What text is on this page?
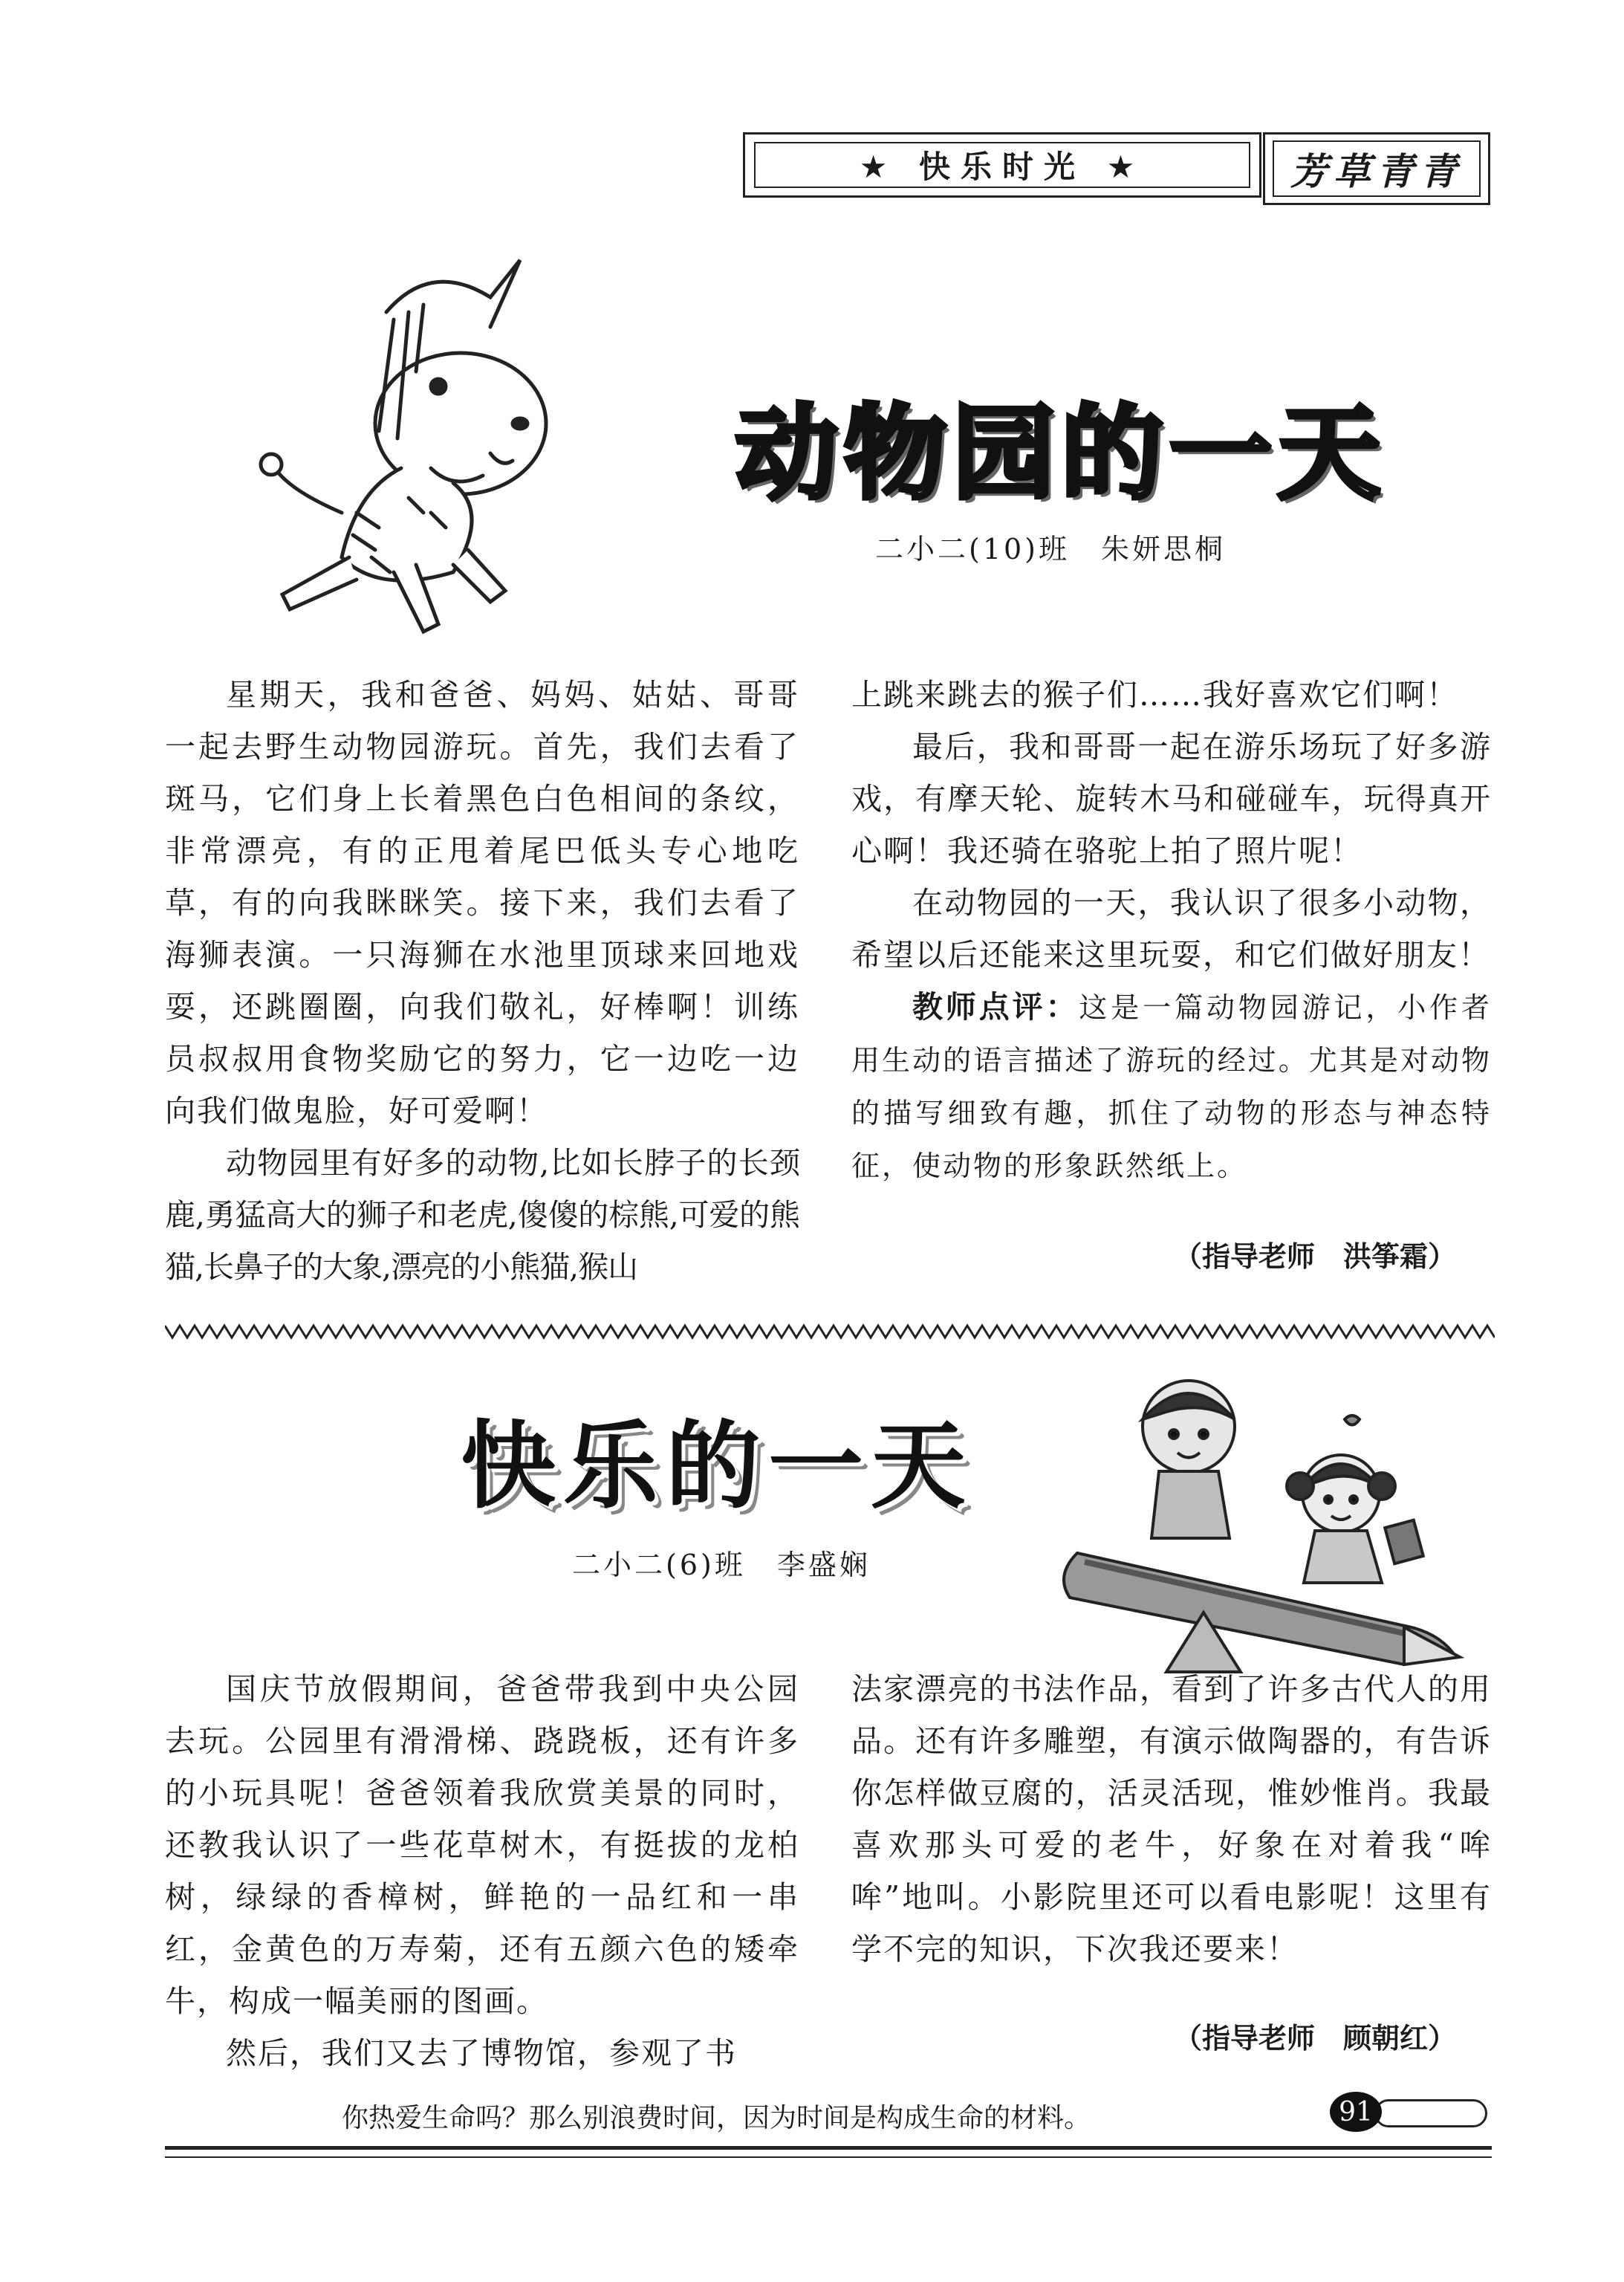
★ 快乐时光 ★	芳草青青
动物园的一天
二小二(10)班　朱妍思桐

星期天，我和爸爸、妈妈、姑姑、哥哥一起去野生动物园游玩。首先，我们去看了斑马，它们身上长着黑色白色相间的条纹，非常漂亮，有的正甩着尾巴低头专心地吃草，有的向我眯眯笑。接下来，我们去看了海狮表演。一只海狮在水池里顶球来回地戏耍，还跳圈圈，向我们敬礼，好棒啊！训练员叔叔用食物奖励它的努力，它一边吃一边向我们做鬼脸，好可爱啊！

动物园里有好多的动物,比如长脖子的长颈鹿,勇猛高大的狮子和老虎,傻傻的棕熊,可爱的熊猫,长鼻子的大象,漂亮的小熊猫,猴山

上跳来跳去的猴子们……我好喜欢它们啊！

最后，我和哥哥一起在游乐场玩了好多游戏，有摩天轮、旋转木马和碰碰车，玩得真开心啊！我还骑在骆驼上拍了照片呢！

在动物园的一天，我认识了很多小动物，希望以后还能来这里玩耍，和它们做好朋友！

教师点评：这是一篇动物园游记，小作者用生动的语言描述了游玩的经过。尤其是对动物的描写细致有趣，抓住了动物的形态与神态特征，使动物的形象跃然纸上。

（指导老师　洪筝霜）
快乐的一天
二小二(6)班　李盛娴

国庆节放假期间，爸爸带我到中央公园去玩。公园里有滑滑梯、跷跷板，还有许多的小玩具呢！爸爸领着我欣赏美景的同时，还教我认识了一些花草树木，有挺拔的龙柏树，绿绿的香樟树，鲜艳的一品红和一串红，金黄色的万寿菊，还有五颜六色的矮牵牛，构成一幅美丽的图画。

然后，我们又去了博物馆，参观了书

法家漂亮的书法作品，看到了许多古代人的用品。还有许多雕塑，有演示做陶器的，有告诉你怎样做豆腐的，活灵活现，惟妙惟肖。我最喜欢那头可爱的老牛，好象在对着我“哞哞”地叫。小影院里还可以看电影呢！这里有学不完的知识，下次我还要来！

（指导老师　顾朝红）
你热爱生命吗？那么别浪费时间，因为时间是构成生命的材料。	91
